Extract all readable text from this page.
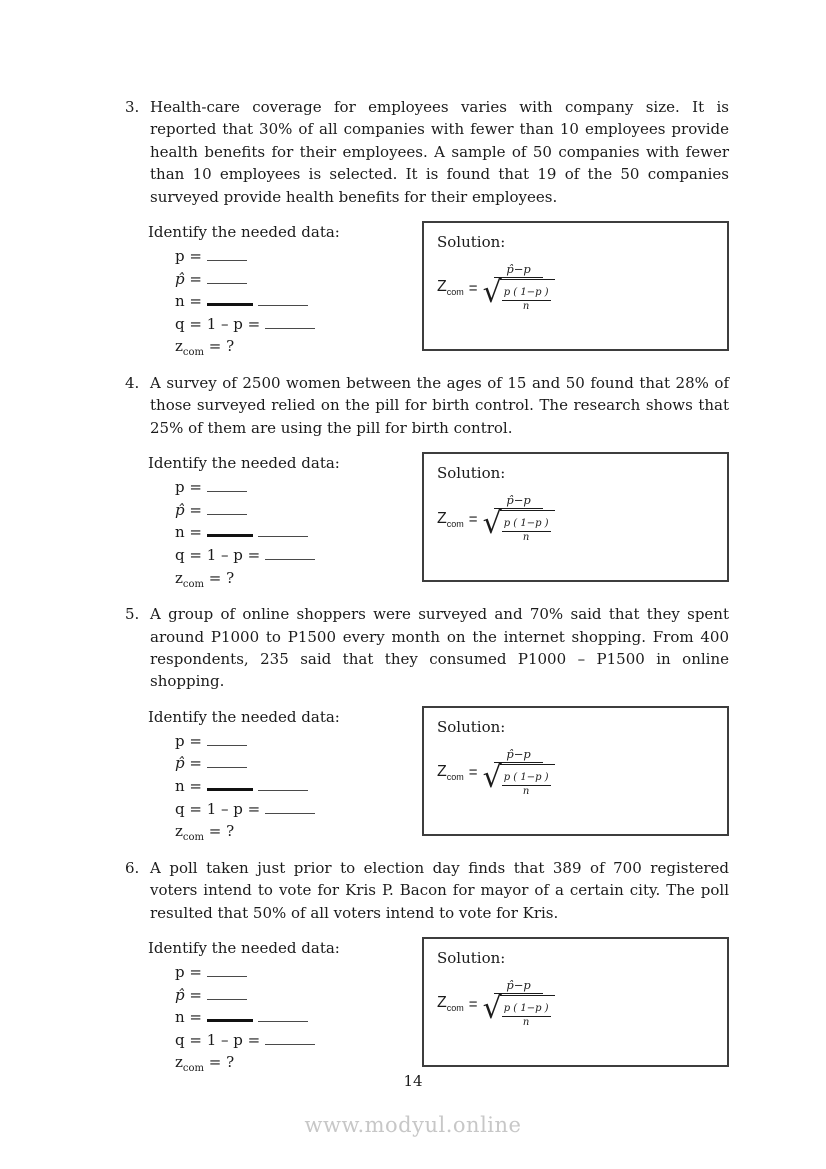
3. Health-care coverage for employees varies with company size. It is reported that 30% of all companies with fewer than 10 employees provide health benefits for their employees. A sample of 50 companies with fewer than 10 employees is selected. It is found that 19 of the 50 companies surveyed provide health benefits for their employees.
Identify the needed data:
p =
p̂ =
n =
q = 1 – p =
$z_{com}$ = ?
Solution:
$Z_{com}$ =
p̂−p
√ $\frac{p ( 1-p )}{n}$
4. A survey of 2500 women between the ages of 15 and 50 found that 28% of those surveyed relied on the pill for birth control. The research shows that 25% of them are using the pill for birth control.
Identify the needed data:
p =
p̂ =
n =
q = 1 – p =
$z_{com}$ = ?
Solution:
$Z_{com}$ =
p̂−p
√ $\frac{p ( 1-p )}{n}$
5. A group of online shoppers were surveyed and 70% said that they spent around P1000 to P1500 every month on the internet shopping. From 400 respondents, 235 said that they consumed P1000 – P1500 in online shopping.
Identify the needed data:
p =
p̂ =
n =
q = 1 – p =
$z_{com}$ = ?
Solution:
$Z_{com}$ =
p̂−p
√ $\frac{p ( 1-p )}{n}$
6. A poll taken just prior to election day finds that 389 of 700 registered voters intend to vote for Kris P. Bacon for mayor of a certain city. The poll resulted that 50% of all voters intend to vote for Kris.
Identify the needed data:
p =
p̂ =
n =
q = 1 – p =
$z_{com}$ = ?
Solution:
$Z_{com}$ =
p̂−p
√ $\frac{p ( 1-p )}{n}$
14
www.modyul.online
